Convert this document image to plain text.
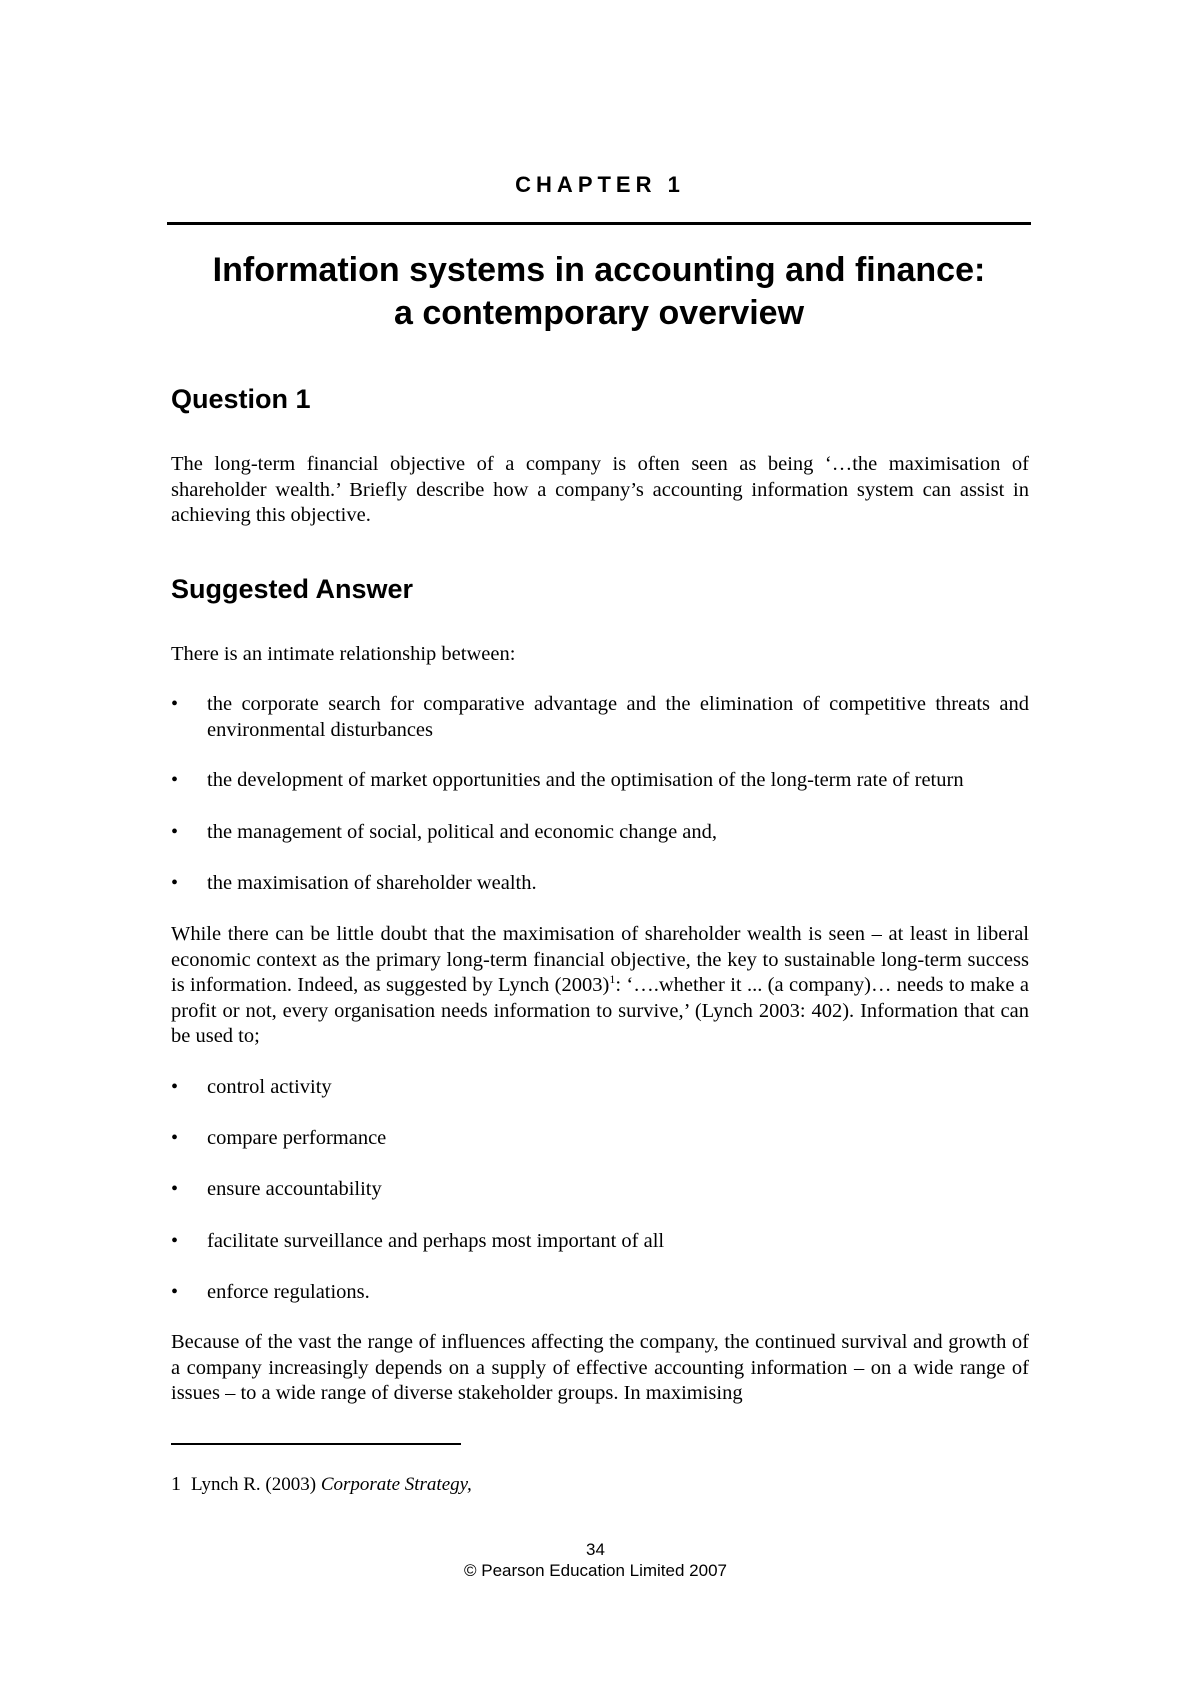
CHAPTER 1
Information systems in accounting and finance:
a contemporary overview
Question 1

The long-term financial objective of a company is often seen as being ‘…the maximisation of shareholder wealth.’ Briefly describe how a company’s accounting information system can assist in achieving this objective.

Suggested Answer

There is an intimate relationship between:

•	the corporate search for comparative advantage and the elimination of competitive threats and environmental disturbances
•	the development of market opportunities and the optimisation of the long-term rate of return
•	the management of social, political and economic change and,
•	the maximisation of shareholder wealth.

While there can be little doubt that the maximisation of shareholder wealth is seen – at least in liberal economic context as the primary long-term financial objective, the key to sustainable long-term success is information. Indeed, as suggested by Lynch $(2003)^1$: ‘….whether it ... (a company)… needs to make a profit or not, every organisation needs information to survive,’ (Lynch 2003: 402). Information that can be used to;

•	control activity
•	compare performance
•	ensure accountability
•	facilitate surveillance and perhaps most important of all
•	enforce regulations.

Because of the vast the range of influences affecting the company, the continued survival and growth of a company increasingly depends on a supply of effective accounting information – on a wide range of issues – to a wide range of diverse stakeholder groups. In maximising

1 Lynch R. (2003) Corporate Strategy,
34
© Pearson Education Limited 2007
